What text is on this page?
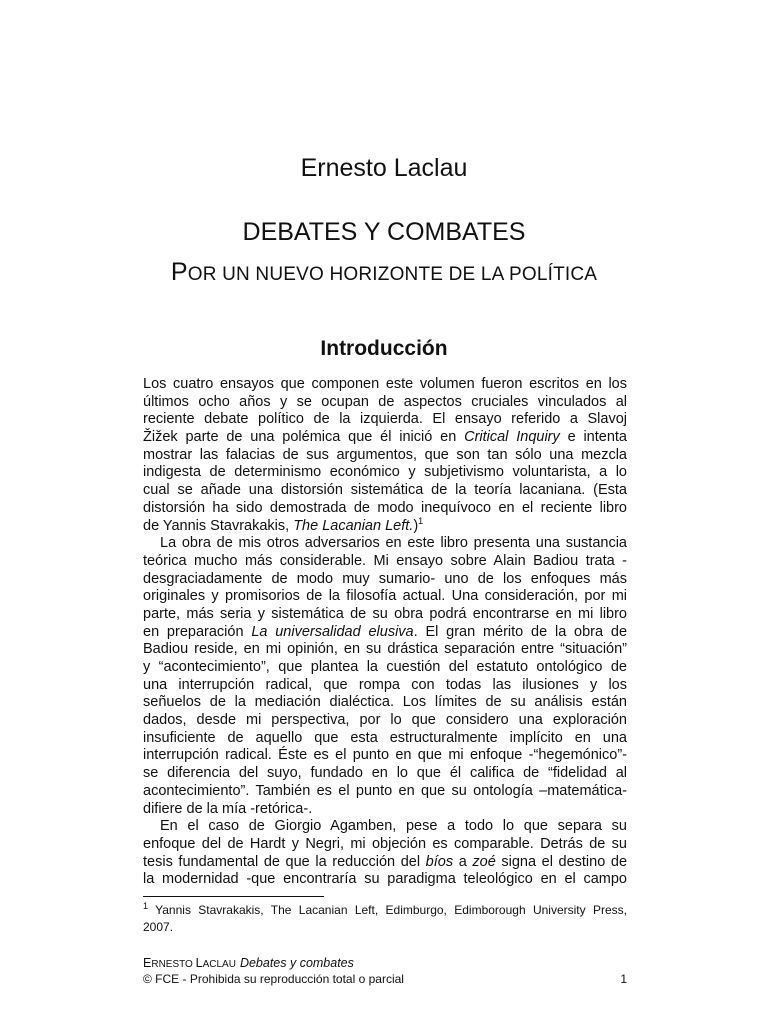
Ernesto Laclau
DEBATES Y COMBATES
POR UN NUEVO HORIZONTE DE LA POLÍTICA
Introducción
Los cuatro ensayos que componen este volumen fueron escritos en los
últimos ocho años y se ocupan de aspectos cruciales vinculados al
reciente debate político de la izquierda. El ensayo referido a Slavoj
Žižek parte de una polémica que él inició en Critical Inquiry e intenta
mostrar las falacias de sus argumentos, que son tan sólo una mezcla
indigesta de determinismo económico y subjetivismo voluntarista, a lo
cual se añade una distorsión sistemática de la teoría lacaniana. (Esta
distorsión ha sido demostrada de modo inequívoco en el reciente libro
de Yannis Stavrakakis, The Lacanian Left.)$^1$
La obra de mis otros adversarios en este libro presenta una sustancia
teórica mucho más considerable. Mi ensayo sobre Alain Badiou trata -
desgraciadamente de modo muy sumario- uno de los enfoques más
originales y promisorios de la filosofía actual. Una consideración, por mi
parte, más seria y sistemática de su obra podrá encontrarse en mi libro
en preparación La universalidad elusiva. El gran mérito de la obra de
Badiou reside, en mi opinión, en su drástica separación entre “situación”
y “acontecimiento”, que plantea la cuestión del estatuto ontológico de
una interrupción radical, que rompa con todas las ilusiones y los
señuelos de la mediación dialéctica. Los límites de su análisis están
dados, desde mi perspectiva, por lo que considero una exploración
insuficiente de aquello que esta estructuralmente implícito en una
interrupción radical. Éste es el punto en que mi enfoque -“hegemónico”-
se diferencia del suyo, fundado en lo que él califica de “fidelidad al
acontecimiento”. También es el punto en que su ontología –matemática-
difiere de la mía -retórica-.
En el caso de Giorgio Agamben, pese a todo lo que separa su
enfoque del de Hardt y Negri, mi objeción es comparable. Detrás de su
tesis fundamental de que la reducción del bíos a zoé signa el destino de
la modernidad -que encontraría su paradigma teleológico en el campo
$^1$ Yannis Stavrakakis, The Lacanian Left, Edimburgo, Edimborough University Press,
2007.
ERNESTO LACLAU Debates y combates
© FCE - Prohibida su reproducción total o parcial	1
